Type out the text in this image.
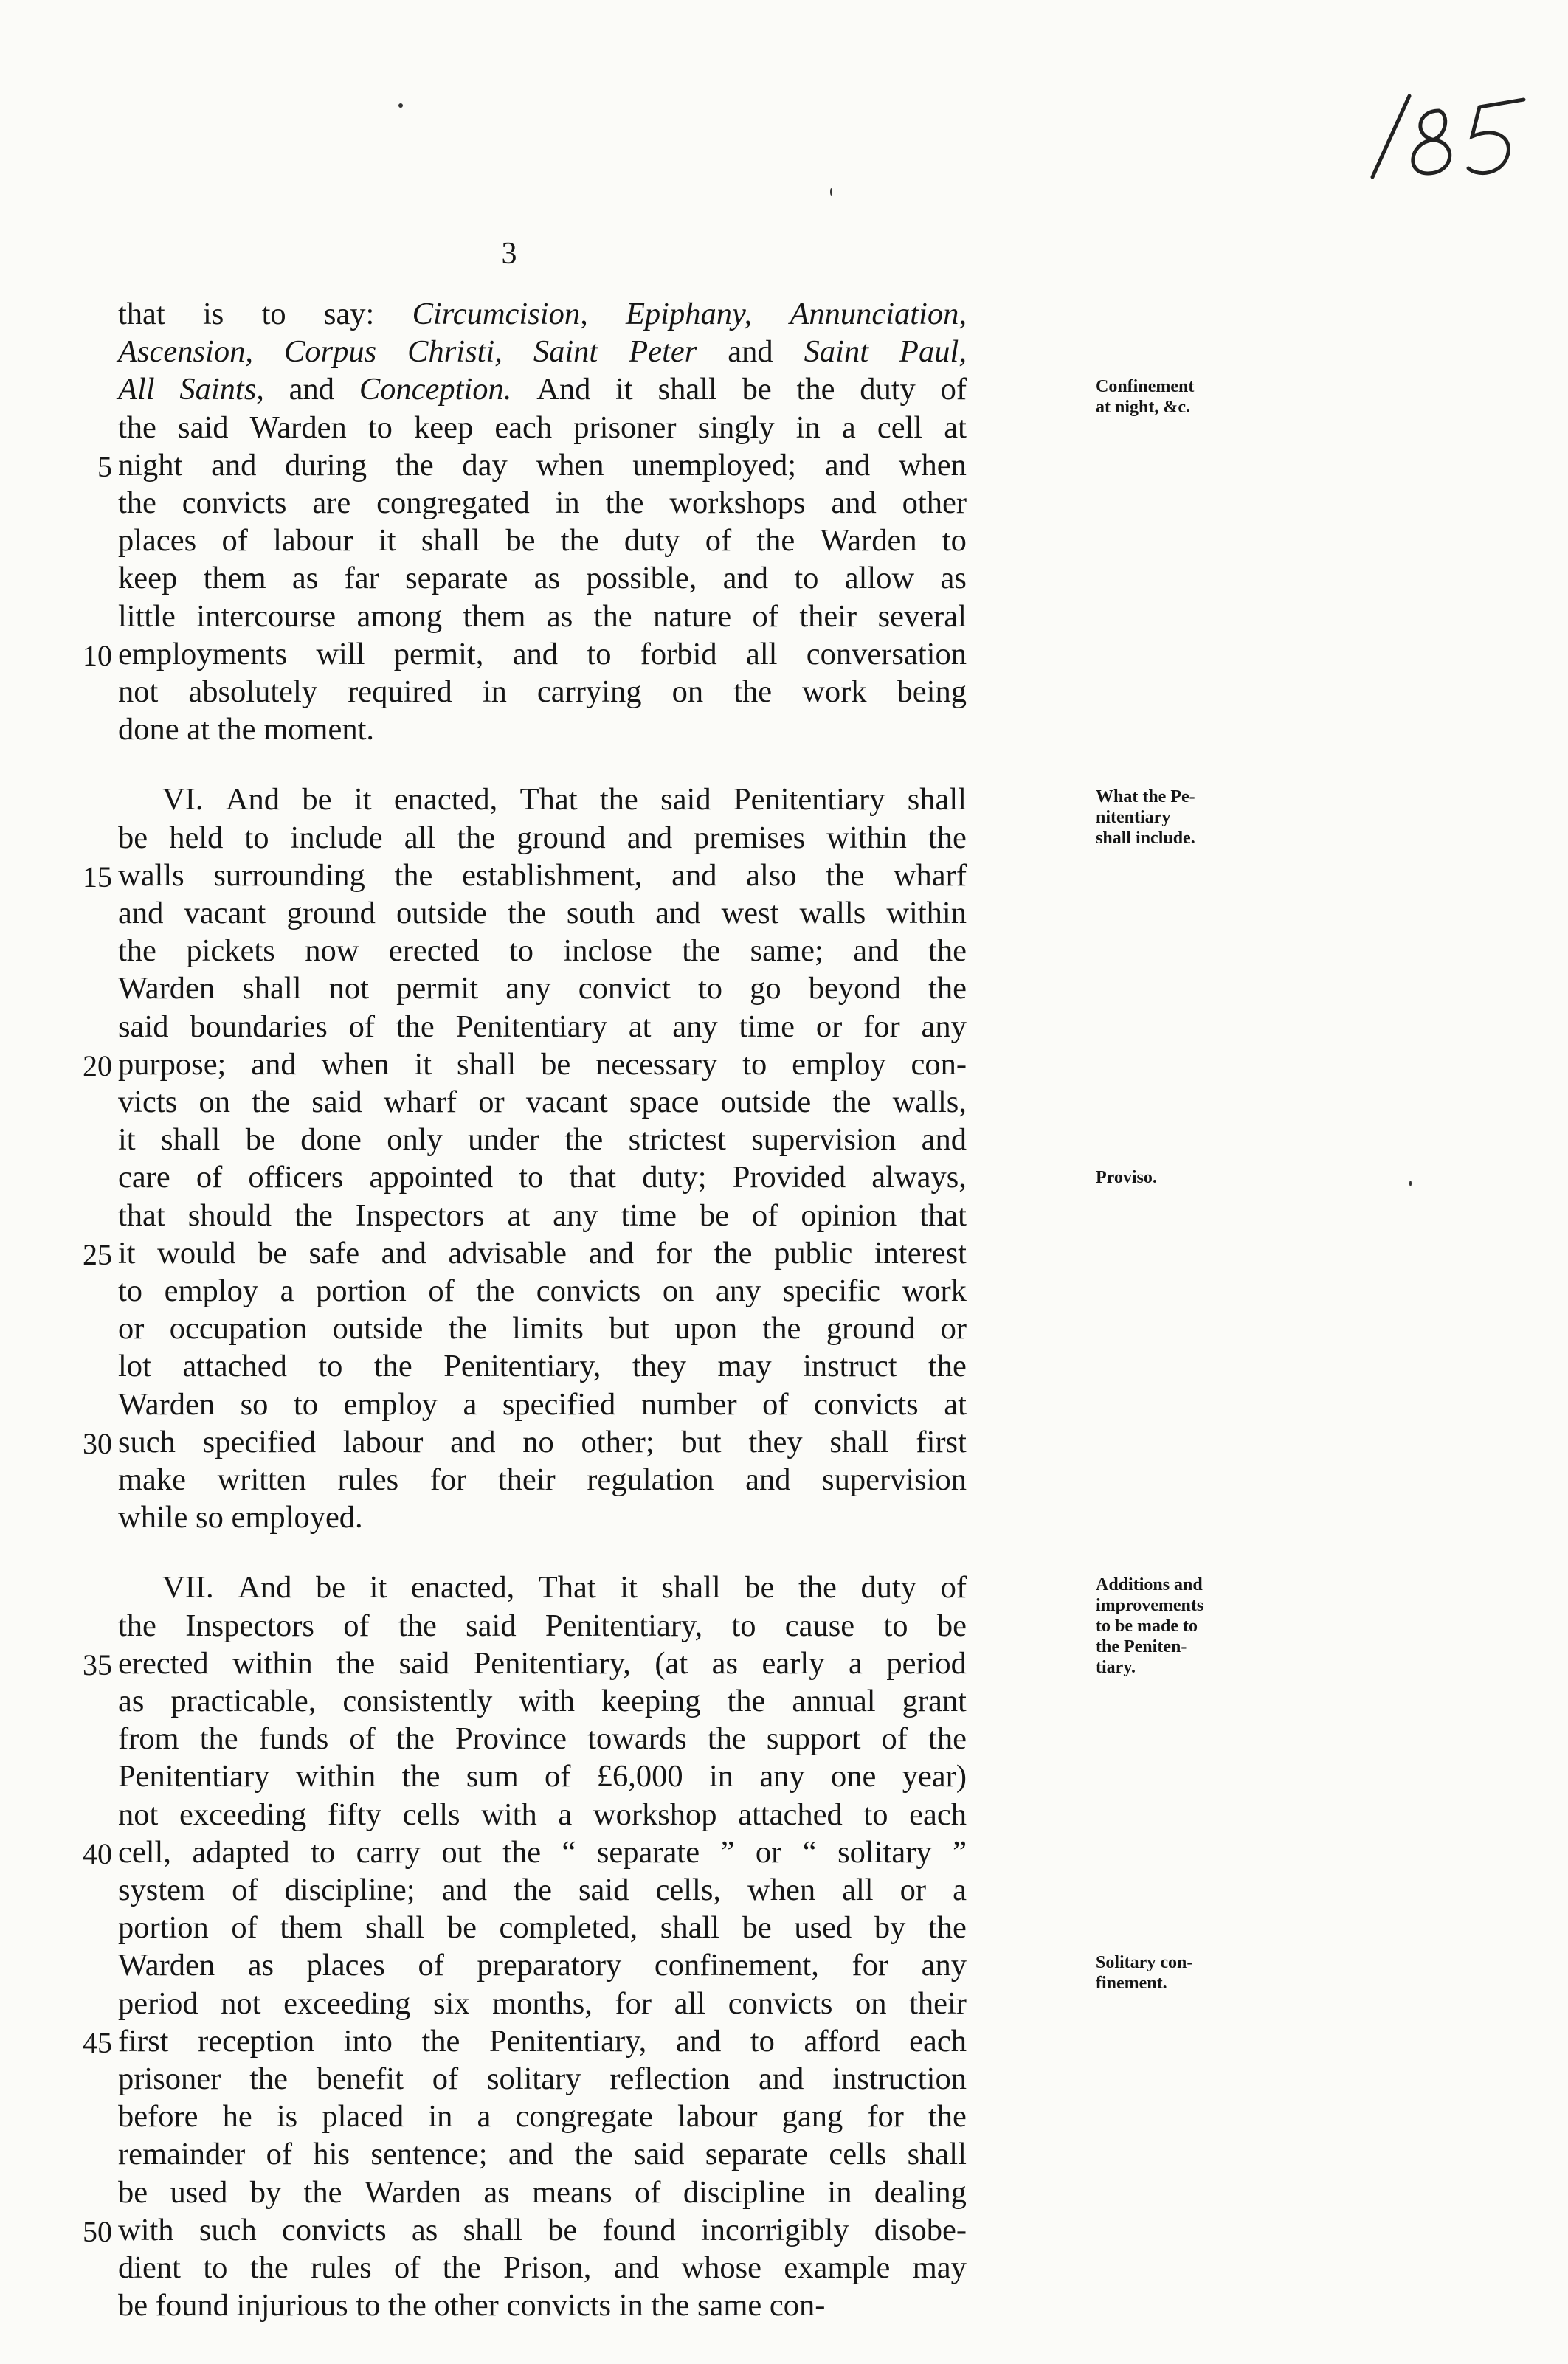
3
that is to say: Circumcision, Epiphany, Annunciation,
Ascension, Corpus Christi, Saint Peter and Saint Paul,
All Saints, and Conception. And it shall be the duty of
the said Warden to keep each prisoner singly in a cell at
night and during the day when unemployed; and when
the convicts are congregated in the workshops and other
places of labour it shall be the duty of the Warden to
keep them as far separate as possible, and to allow as
little intercourse among them as the nature of their several
employments will permit, and to forbid all conversation
not absolutely required in carrying on the work being
done at the moment.
VI. And be it enacted, That the said Penitentiary shall
be held to include all the ground and premises within the
walls surrounding the establishment, and also the wharf
and vacant ground outside the south and west walls within
the pickets now erected to inclose the same; and the
Warden shall not permit any convict to go beyond the
said boundaries of the Penitentiary at any time or for any
purpose; and when it shall be necessary to employ con-
victs on the said wharf or vacant space outside the walls,
it shall be done only under the strictest supervision and
care of officers appointed to that duty; Provided always,
that should the Inspectors at any time be of opinion that
it would be safe and advisable and for the public interest
to employ a portion of the convicts on any specific work
or occupation outside the limits but upon the ground or
lot attached to the Penitentiary, they may instruct the
Warden so to employ a specified number of convicts at
such specified labour and no other; but they shall first
make written rules for their regulation and supervision
while so employed.
VII. And be it enacted, That it shall be the duty of
the Inspectors of the said Penitentiary, to cause to be
erected within the said Penitentiary, (at as early a period
as practicable, consistently with keeping the annual grant
from the funds of the Province towards the support of the
Penitentiary within the sum of £6,000 in any one year)
not exceeding fifty cells with a workshop attached to each
cell, adapted to carry out the “ separate ” or “ solitary ”
system of discipline; and the said cells, when all or a
portion of them shall be completed, shall be used by the
Warden as places of preparatory confinement, for any
period not exceeding six months, for all convicts on their
first reception into the Penitentiary, and to afford each
prisoner the benefit of solitary reflection and instruction
before he is placed in a congregate labour gang for the
remainder of his sentence; and the said separate cells shall
be used by the Warden as means of discipline in dealing
with such convicts as shall be found incorrigibly disobe-
dient to the rules of the Prison, and whose example may
be found injurious to the other convicts in the same con-
5
10
15
20
25
30
35
40
45
50
Confinement
at night, &c.
What the Pe-
nitentiary
shall include.
Proviso.
Additions and
improvements
to be made to
the Peniten-
tiary.
Solitary con-
finement.
